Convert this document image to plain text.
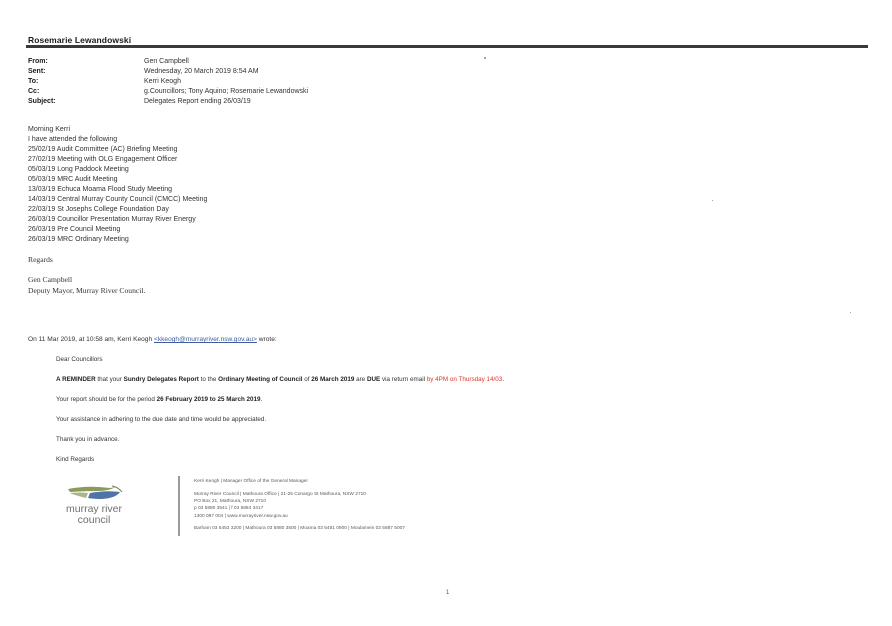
Rosemarie Lewandowski
From:	Gen Campbell
Sent:	Wednesday, 20 March 2019 8:54 AM
To:	Kerri Keogh
Cc:	g.Councillors; Tony Aquino; Rosemarie Lewandowski
Subject:	Delegates Report ending 26/03/19
Morning Kerri
I have attended the following
25/02/19 Audit Committee (AC) Briefing Meeting
27/02/19 Meeting with OLG Engagement Officer
05/03/19 Long Paddock Meeting
05/03/19 MRC Audit Meeting
13/03/19 Echuca Moama Flood Study Meeting
14/03/19 Central Murray County Council (CMCC) Meeting
22/03/19 St Josephs College Foundation Day
26/03/19 Councillor Presentation Murray River Energy
26/03/19 Pre Council Meeting
26/03/19 MRC Ordinary Meeting
Regards
Gen Campbell
Deputy Mayor, Murray River Council.
On 11 Mar 2019, at 10:58 am, Kerri Keogh <kkeogh@murrayriver.nsw.gov.au> wrote:
Dear Councillors
A REMINDER that your Sundry Delegates Report to the Ordinary Meeting of Council of 26 March 2019 are DUE via return email by 4PM on Thursday 14/03.
Your report should be for the period 26 February 2019 to 25 March 2019.
Your assistance in adhering to the due date and time would be appreciated.
Thank you in advance.
Kind Regards
murray river
council
Kerri Keogh | Manager Office of the General Manager
Murray River Council | Mathoura Office | 21-25 Conargo St Mathoura, NSW 2710
PO Box 21, Mathoura, NSW 2710
p 03 5880 3541 | f 03 5884 3417
1300 087 004 | www.murrayriver.nsw.gov.au
Barham 03 5453 3200 | Mathoura 03 5880 3500 | Moama 03 5481 0900 | Moulamein 03 5887 5007
1
